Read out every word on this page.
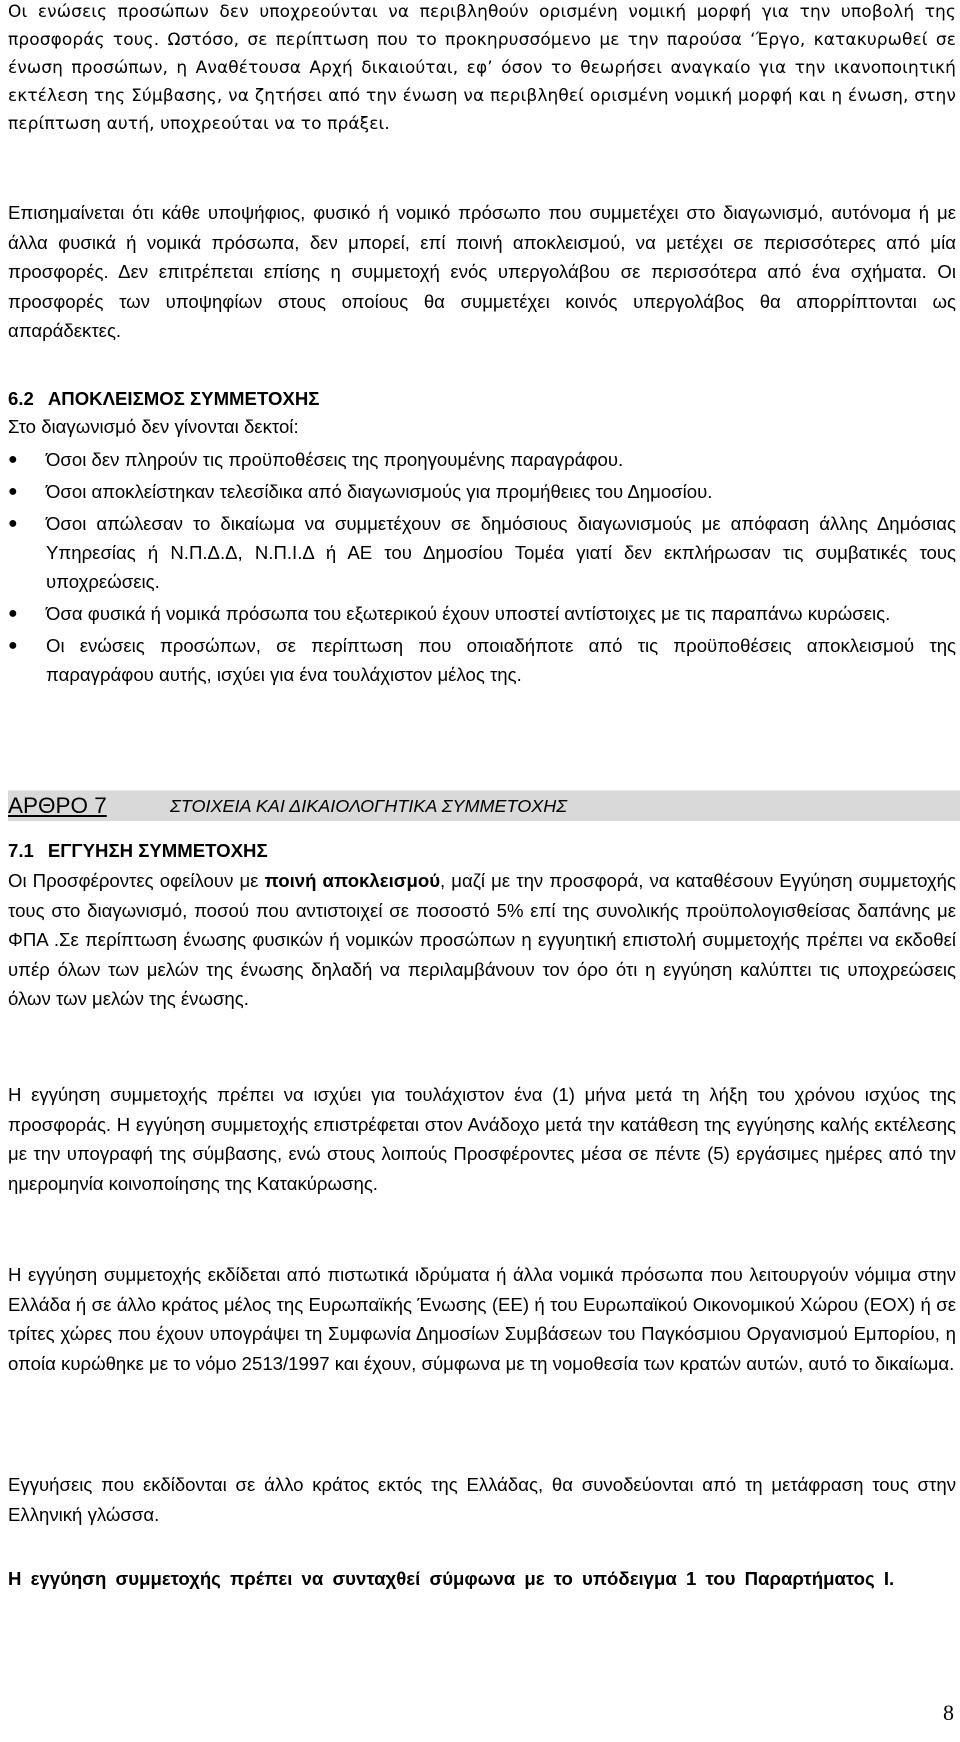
Οι ενώσεις προσώπων δεν υποχρεούνται να περιβληθούν ορισμένη νομική μορφή για την υποβολή της προσφοράς τους. Ωστόσο, σε περίπτωση που το προκηρυσσόμενο με την παρούσα ‘Έργο, κατακυρωθεί σε ένωση προσώπων, η Αναθέτουσα Αρχή δικαιούται, εφ’ όσον το θεωρήσει αναγκαίο για την ικανοποιητική εκτέλεση της Σύμβασης, να ζητήσει από την ένωση να περιβληθεί ορισμένη νομική μορφή και η ένωση, στην περίπτωση αυτή, υποχρεούται να το πράξει.

Επισημαίνεται ότι κάθε υποψήφιος, φυσικό ή νομικό πρόσωπο που συμμετέχει στο διαγωνισμό, αυτόνομα ή με άλλα φυσικά ή νομικά πρόσωπα, δεν μπορεί, επί ποινή αποκλεισμού, να μετέχει σε περισσότερες από μία προσφορές. Δεν επιτρέπεται επίσης η συμμετοχή ενός υπεργολάβου σε περισσότερα από ένα σχήματα. Οι προσφορές των υποψηφίων στους οποίους θα συμμετέχει κοινός υπεργολάβος θα απορρίπτονται ως απαράδεκτες.

6.2 ΑΠΟΚΛΕΙΣΜΟΣ ΣΥΜΜΕΤΟΧΗΣ

Στο διαγωνισμό δεν γίνονται δεκτοί:

● Όσοι δεν πληρούν τις προϋποθέσεις της προηγουμένης παραγράφου.
● Όσοι αποκλείστηκαν τελεσίδικα από διαγωνισμούς για προμήθειες του Δημοσίου.
● Όσοι απώλεσαν το δικαίωμα να συμμετέχουν σε δημόσιους διαγωνισμούς με απόφαση άλλης Δημόσιας Υπηρεσίας ή Ν.Π.Δ.Δ, Ν.Π.Ι.Δ ή ΑΕ του Δημοσίου Τομέα γιατί δεν εκπλήρωσαν τις συμβατικές τους υποχρεώσεις.
● Όσα φυσικά ή νομικά πρόσωπα του εξωτερικού έχουν υποστεί αντίστοιχες με τις παραπάνω κυρώσεις.
● Οι ενώσεις προσώπων, σε περίπτωση που οποιαδήποτε από τις προϋποθέσεις αποκλεισμού της παραγράφου αυτής, ισχύει για ένα τουλάχιστον μέλος της.
ΑΡΘΡΟ 7	ΣΤΟΙΧΕΙΑ ΚΑΙ ΔΙΚΑΙΟΛΟΓΗΤΙΚΑ ΣΥΜΜΕΤΟΧΗΣ
7.1 ΕΓΓΥΗΣΗ ΣΥΜΜΕΤΟΧΗΣ

Οι Προσφέροντες οφείλουν με ποινή αποκλεισμού, μαζί με την προσφορά, να καταθέσουν Εγγύηση συμμετοχής τους στο διαγωνισμό, ποσού που αντιστοιχεί σε ποσοστό 5% επί της συνολικής προϋπολογισθείσας δαπάνης με ΦΠΑ .Σε περίπτωση ένωσης φυσικών ή νομικών προσώπων η εγγυητική επιστολή συμμετοχής πρέπει να εκδοθεί υπέρ όλων των μελών της ένωσης δηλαδή να περιλαμβάνουν τον όρο ότι η εγγύηση καλύπτει τις υποχρεώσεις όλων των μελών της ένωσης.

Η εγγύηση συμμετοχής πρέπει να ισχύει για τουλάχιστον ένα (1) μήνα μετά τη λήξη του χρόνου ισχύος της προσφοράς. Η εγγύηση συμμετοχής επιστρέφεται στον Ανάδοχο μετά την κατάθεση της εγγύησης καλής εκτέλεσης με την υπογραφή της σύμβασης, ενώ στους λοιπούς Προσφέροντες μέσα σε πέντε (5) εργάσιμες ημέρες από την ημερομηνία κοινοποίησης της Κατακύρωσης.

Η εγγύηση συμμετοχής εκδίδεται από πιστωτικά ιδρύματα ή άλλα νομικά πρόσωπα που λειτουργούν νόμιμα στην Ελλάδα ή σε άλλο κράτος μέλος της Ευρωπαϊκής Ένωσης (ΕΕ) ή του Ευρωπαϊκού Οικονομικού Χώρου (ΕΟΧ) ή σε τρίτες χώρες που έχουν υπογράψει τη Συμφωνία Δημοσίων Συμβάσεων του Παγκόσμιου Οργανισμού Εμπορίου, η οποία κυρώθηκε με το νόμο 2513/1997 και έχουν, σύμφωνα με τη νομοθεσία των κρατών αυτών, αυτό το δικαίωμα.

Εγγυήσεις που εκδίδονται σε άλλο κράτος εκτός της Ελλάδας, θα συνοδεύονται από τη μετάφραση τους στην Ελληνική γλώσσα.

Η εγγύηση συμμετοχής πρέπει να συνταχθεί σύμφωνα με το υπόδειγμα 1 του Παραρτήματος Ι.

8
